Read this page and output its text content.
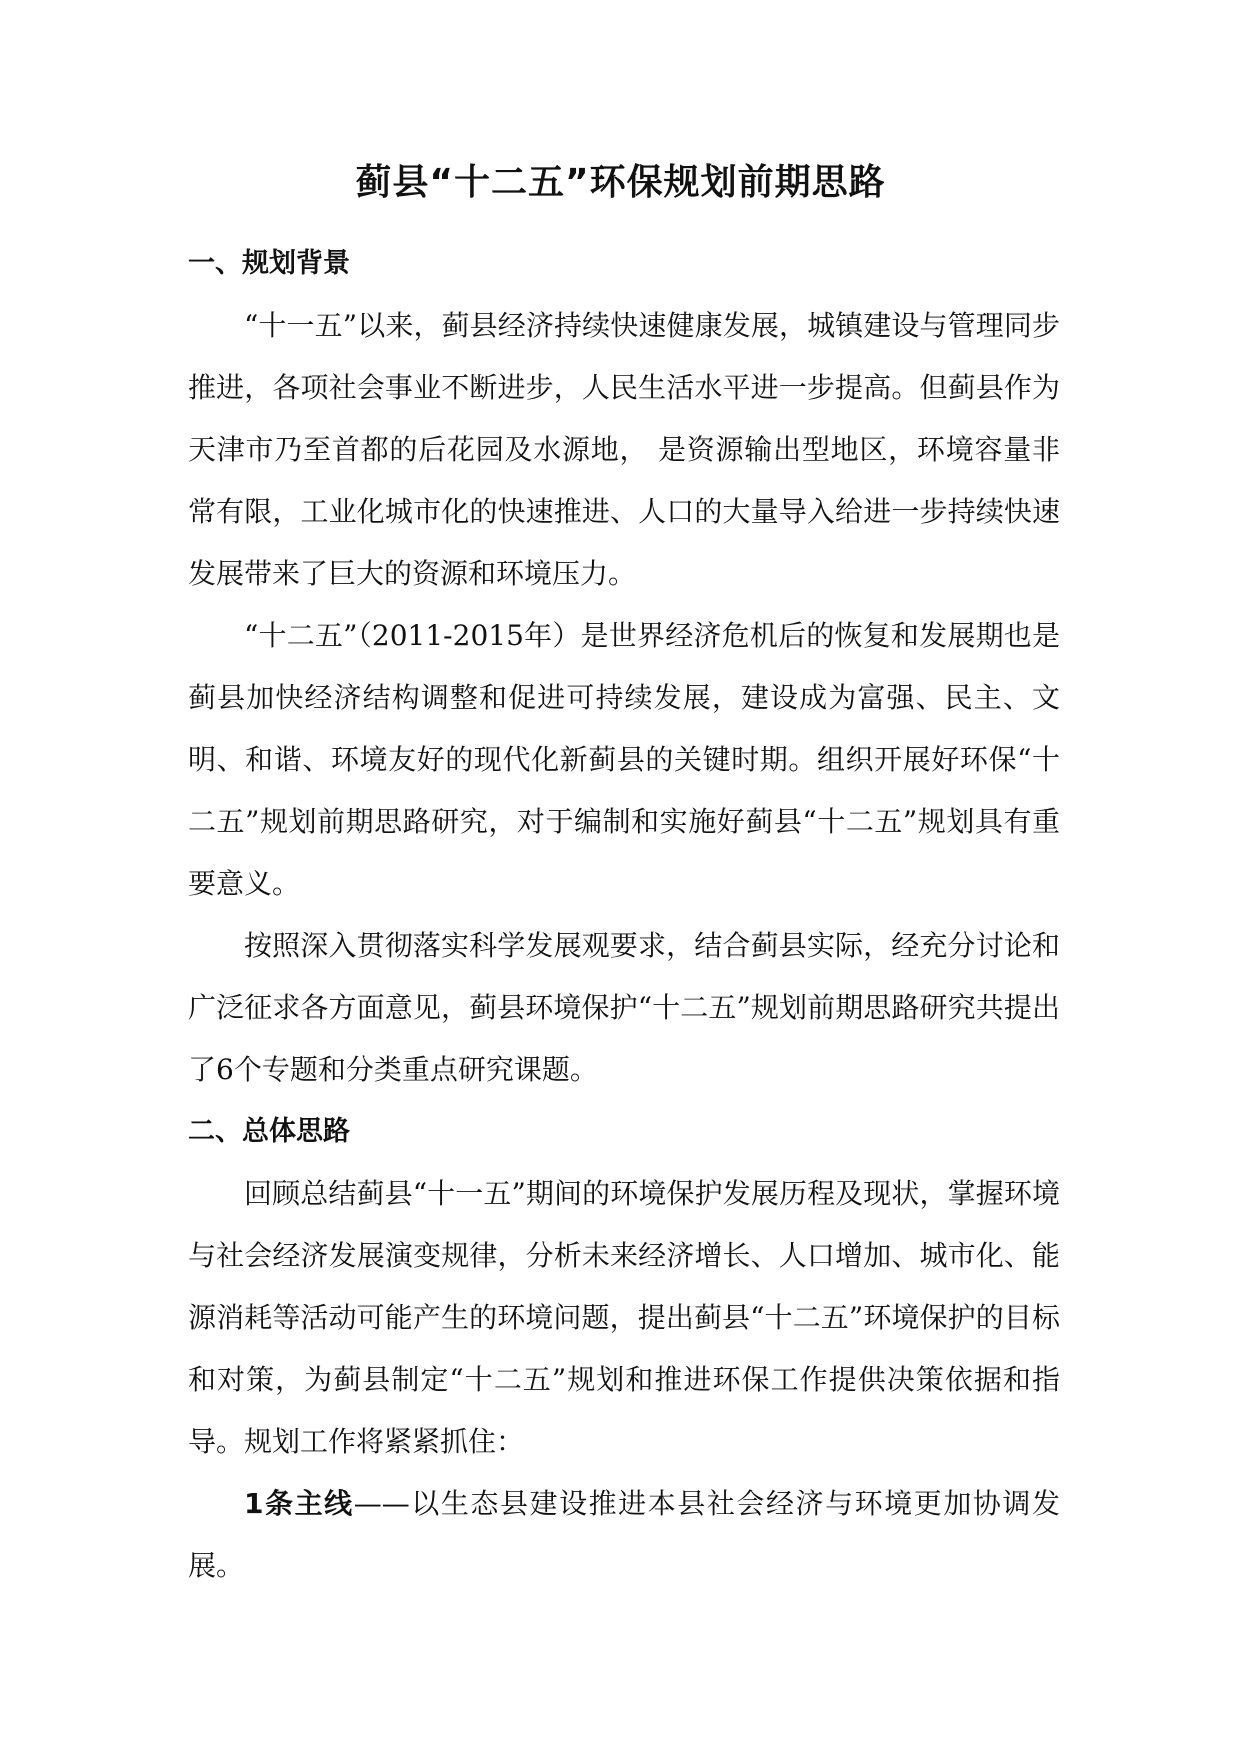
蓟县“十二五”环保规划前期思路
一、规划背景

“十一五”以来，蓟县经济持续快速健康发展，城镇建设与管理同步推进，各项社会事业不断进步，人民生活水平进一步提高。但蓟县作为天津市乃至首都的后花园及水源地， 是资源输出型地区，环境容量非常有限，工业化城市化的快速推进、人口的大量导入给进一步持续快速发展带来了巨大的资源和环境压力。

“十二五”（2011-2015年）是世界经济危机后的恢复和发展期也是蓟县加快经济结构调整和促进可持续发展，建设成为富强、民主、文明、和谐、环境友好的现代化新蓟县的关键时期。组织开展好环保“十二五”规划前期思路研究，对于编制和实施好蓟县“十二五”规划具有重要意义。

按照深入贯彻落实科学发展观要求，结合蓟县实际，经充分讨论和广泛征求各方面意见，蓟县环境保护“十二五”规划前期思路研究共提出了6个专题和分类重点研究课题。

二、总体思路

回顾总结蓟县“十一五”期间的环境保护发展历程及现状，掌握环境与社会经济发展演变规律，分析未来经济增长、人口增加、城市化、能源消耗等活动可能产生的环境问题，提出蓟县“十二五”环境保护的目标和对策，为蓟县制定“十二五”规划和推进环保工作提供决策依据和指导。规划工作将紧紧抓住：

1条主线——以生态县建设推进本县社会经济与环境更加协调发展。
